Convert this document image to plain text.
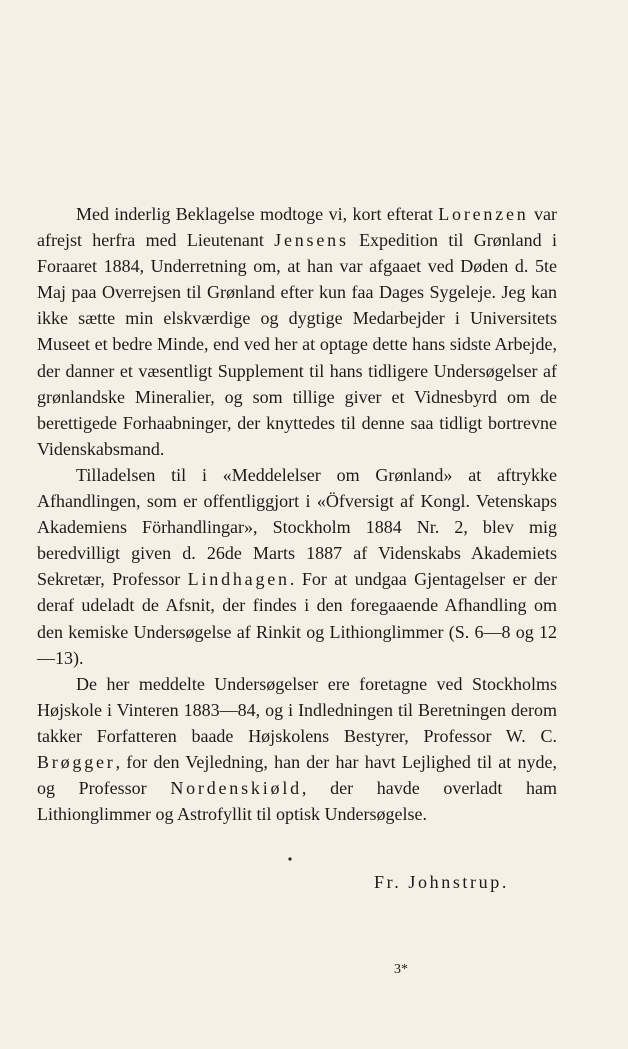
Med inderlig Beklagelse modtoge vi, kort efterat Lorenzen var afrejst herfra med Lieutenant Jensens Expedition til Grønland i Foraaret 1884, Underretning om, at han var afgaaet ved Døden d. 5te Maj paa Overrejsen til Grønland efter kun faa Dages Sygeleje. Jeg kan ikke sætte min elskværdige og dygtige Medarbejder i Universitets Museet et bedre Minde, end ved her at optage dette hans sidste Arbejde, der danner et væsentligt Supplement til hans tidligere Undersøgelser af grønlandske Mineralier, og som tillige giver et Vidnesbyrd om de berettigede Forhaabninger, der knyttedes til denne saa tidligt bortrevne Videnskabsmand.

Tilladelsen til i «Meddelelser om Grønland» at aftrykke Afhandlingen, som er offentliggjort i «Öfversigt af Kongl. Vetenskaps Akademiens Förhandlingar», Stockholm 1884 Nr. 2, blev mig beredvilligt given d. 26de Marts 1887 af Videnskabs Akademiets Sekretær, Professor Lindhagen. For at undgaa Gjentagelser er der deraf udeladt de Afsnit, der findes i den foregaaende Afhandling om den kemiske Undersøgelse af Rinkit og Lithionglimmer (S. 6—8 og 12—13).

De her meddelte Undersøgelser ere foretagne ved Stockholms Højskole i Vinteren 1883—84, og i Indledningen til Beretningen derom takker Forfatteren baade Højskolens Bestyrer, Professor W. C. Brøgger, for den Vejledning, han der har havt Lejlighed til at nyde, og Professor Nordenskiøld, der havde overladt ham Lithionglimmer og Astrofyllit til optisk Undersøgelse.

Fr. Johnstrup.
3*
